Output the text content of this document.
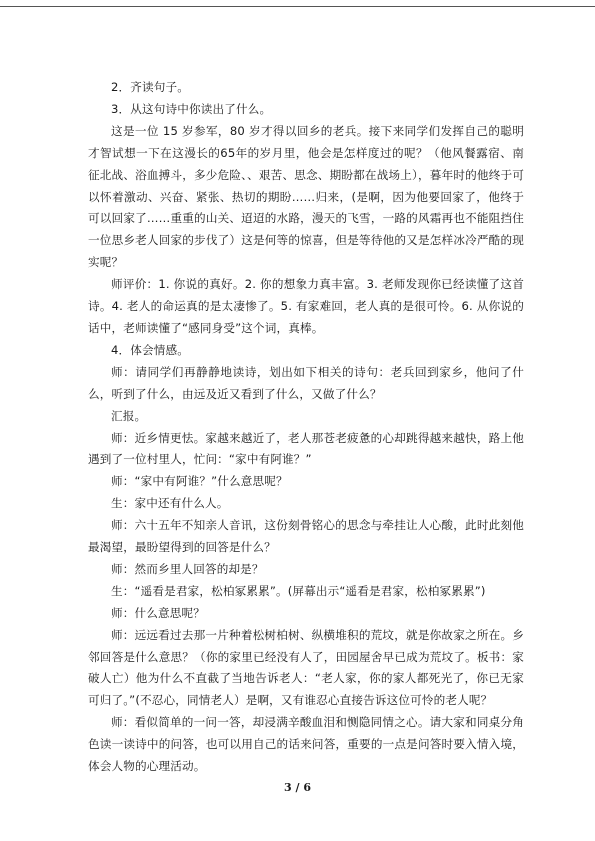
2．齐读句子。

3．从这句诗中你读出了什么。

这是一位 15 岁参军，80 岁才得以回乡的老兵。接下来同学们发挥自己的聪明才智试想一下在这漫长的65年的岁月里，他会是怎样度过的呢？（他风餐露宿、南征北战、浴血搏斗，多少危险、、艰苦、思念、期盼都在战场上），暮年时的他终于可以怀着激动、兴奋、紧张、热切的期盼……归来，(是啊，因为他要回家了，他终于可以回家了……重重的山关、迢迢的水路，漫天的飞雪，一路的风霜再也不能阻挡住一位思乡老人回家的步伐了）这是何等的惊喜，但是等待他的又是怎样冰冷严酷的现实呢？

师评价：1. 你说的真好。2. 你的想象力真丰富。3. 老师发现你已经读懂了这首诗。4. 老人的命运真的是太凄惨了。5. 有家难回，老人真的是很可怜。6. 从你说的话中，老师读懂了“感同身受”这个词，真棒。

4．体会情感。

师：请同学们再静静地读诗，划出如下相关的诗句：老兵回到家乡，他问了什么，听到了什么，由远及近又看到了什么，又做了什么？

汇报。

师：近乡情更怯。家越来越近了，老人那苍老疲惫的心却跳得越来越快，路上他遇到了一位村里人，忙问：“家中有阿谁？”

师：“家中有阿谁？”什么意思呢？

生：家中还有什么人。

师：六十五年不知亲人音讯，这份刻骨铭心的思念与牵挂让人心酸，此时此刻他最渴望，最盼望得到的回答是什么？

师：然而乡里人回答的却是？

生：“遥看是君家，松柏冢累累”。(屏幕出示“遥看是君家，松柏冢累累”)

师：什么意思呢？

师：远远看过去那一片种着松树柏树、纵横堆积的荒坟，就是你故家之所在。乡邻回答是什么意思？（你的家里已经没有人了，田园屋舍早已成为荒坟了。板书：家破人亡）他为什么不直截了当地告诉老人：“老人家，你的家人都死光了，你已无家可归了。”(不忍心，同情老人）是啊，又有谁忍心直接告诉这位可怜的老人呢？

师：看似简单的一问一答，却浸满辛酸血泪和恻隐同情之心。请大家和同桌分角色读一读诗中的问答，也可以用自己的话来问答，重要的一点是问答时要入情入境，体会人物的心理活动。

3 / 6
